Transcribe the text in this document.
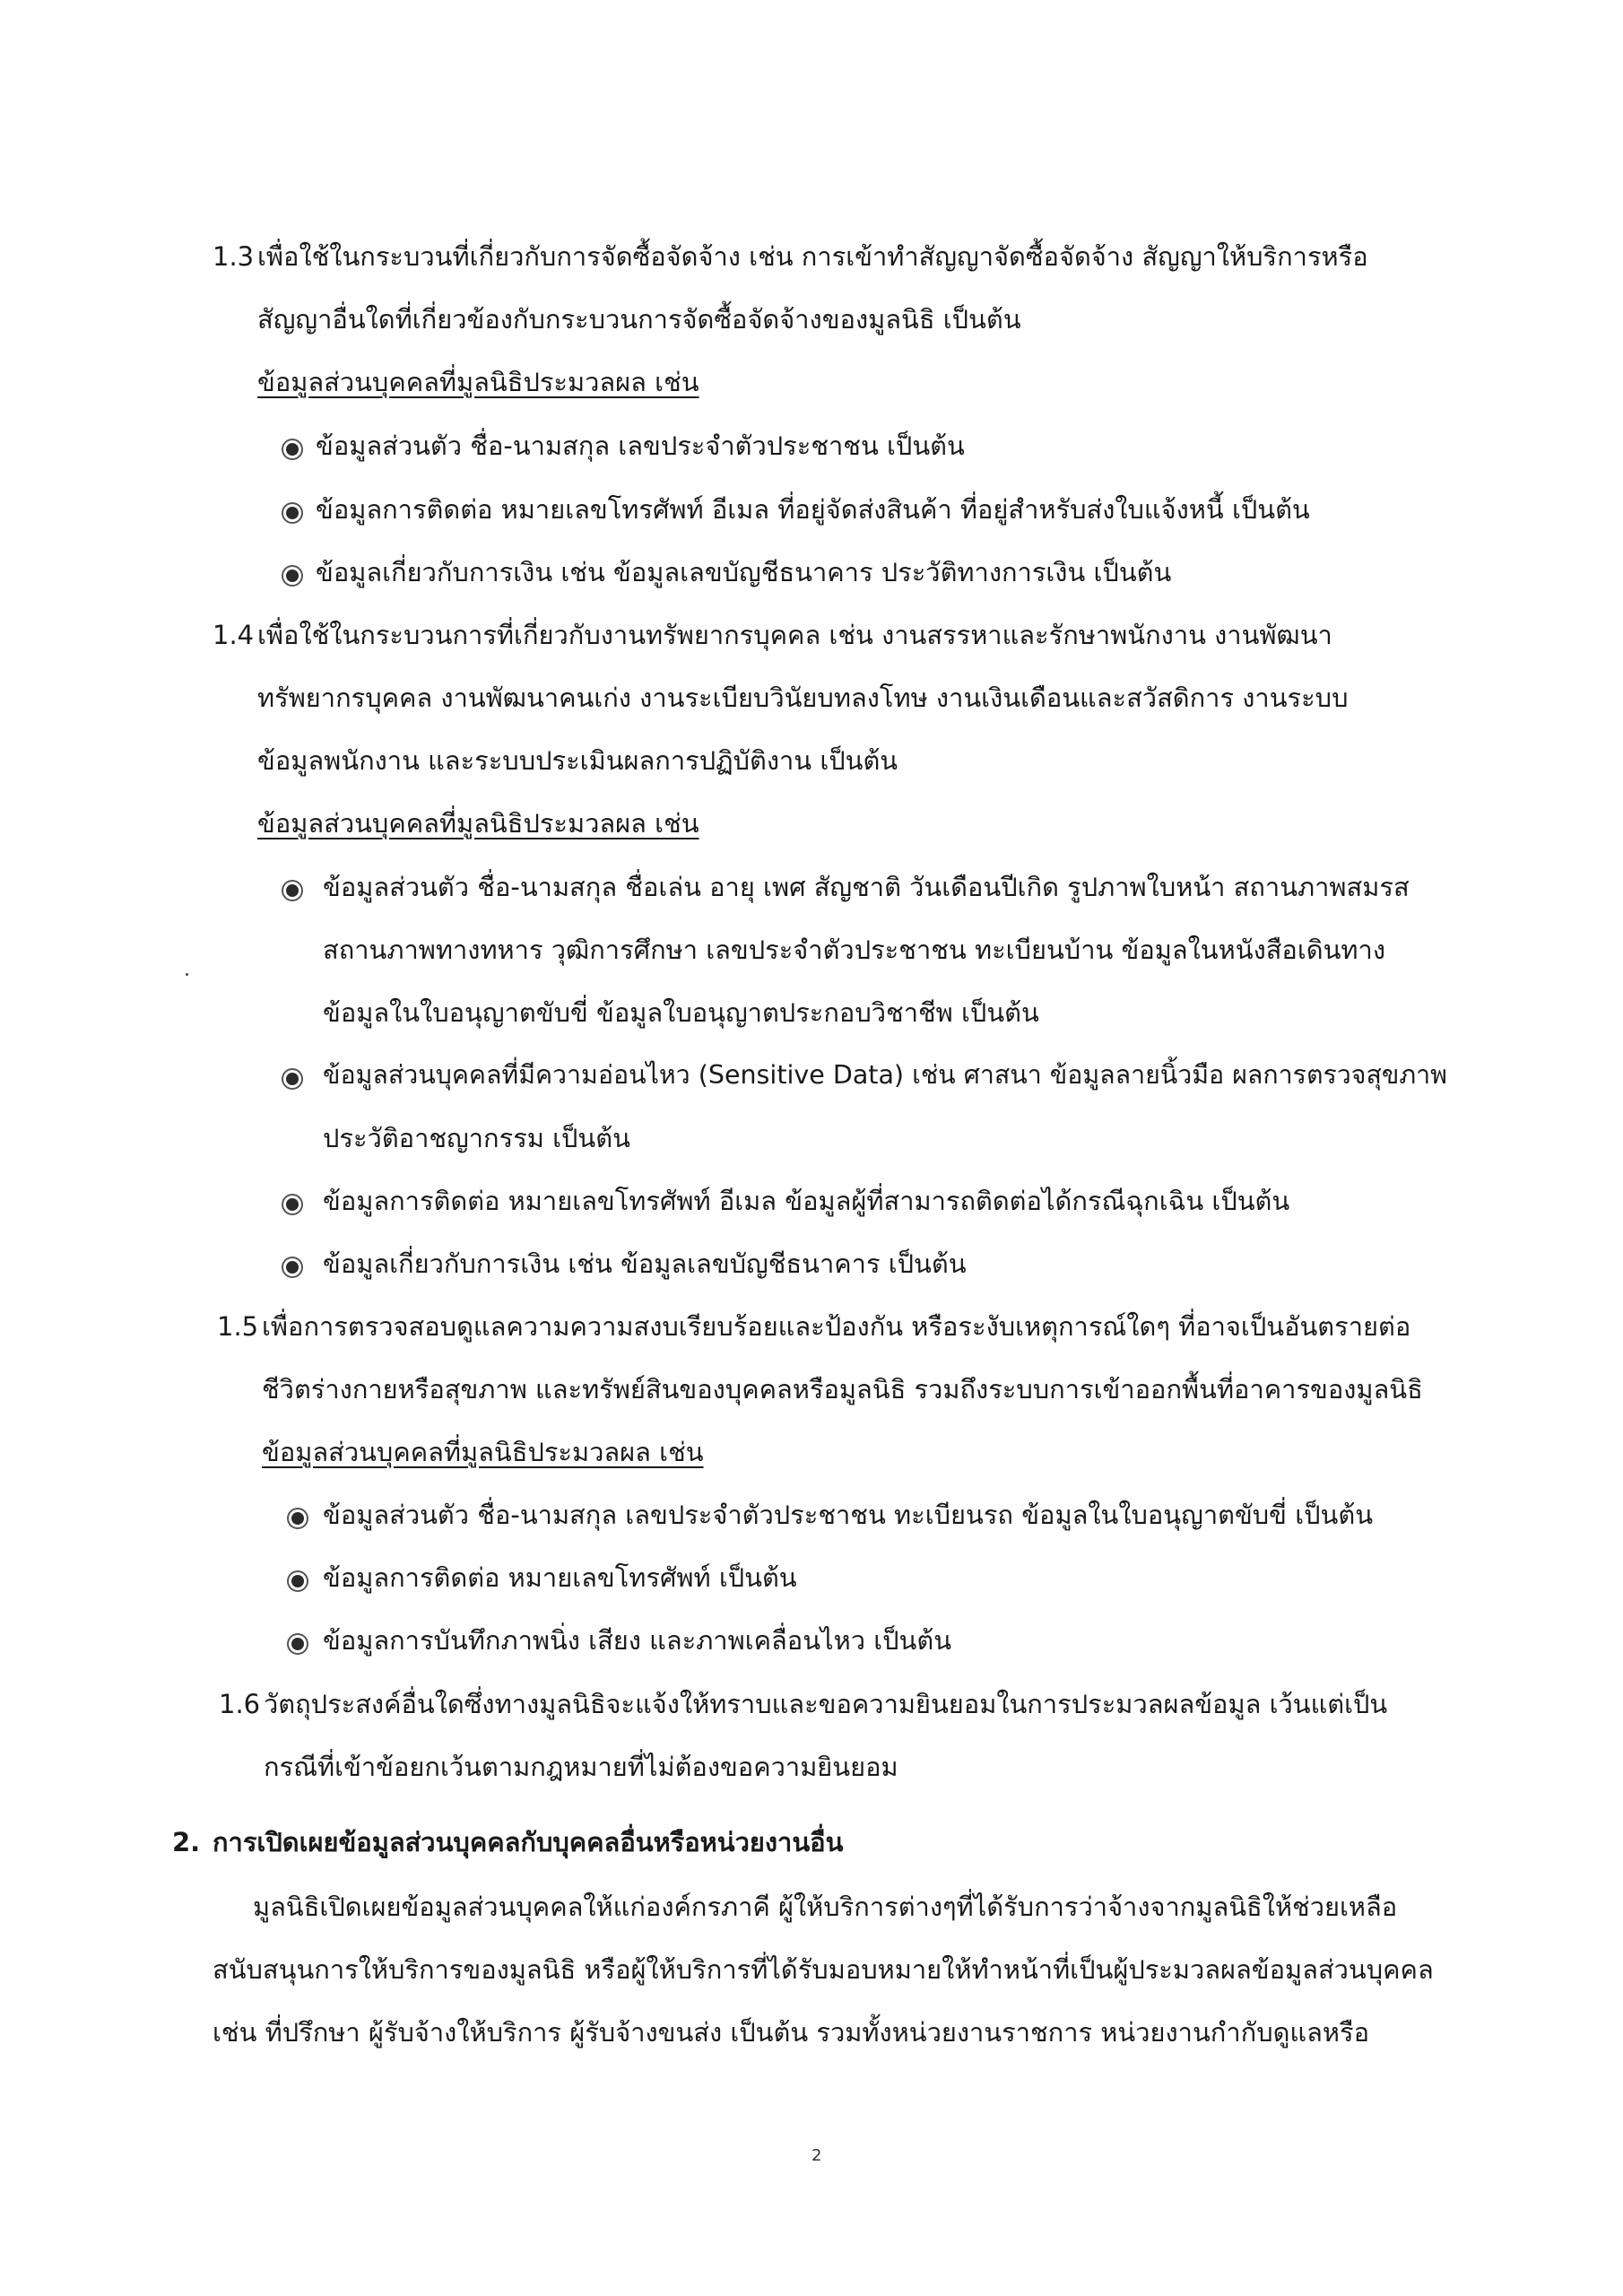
1.3 เพื่อใช้ในกระบวนที่เกี่ยวกับการจัดซื้อจัดจ้าง เช่น การเข้าทำสัญญาจัดซื้อจัดจ้าง สัญญาให้บริการหรือ
สัญญาอื่นใดที่เกี่ยวข้องกับกระบวนการจัดซื้อจัดจ้างของมูลนิธิ เป็นต้น
ข้อมูลส่วนบุคคลที่มูลนิธิประมวลผล เช่น
ข้อมูลส่วนตัว ชื่อ-นามสกุล เลขประจำตัวประชาชน เป็นต้น
ข้อมูลการติดต่อ หมายเลขโทรศัพท์ อีเมล ที่อยู่จัดส่งสินค้า ที่อยู่สำหรับส่งใบแจ้งหนี้ เป็นต้น
ข้อมูลเกี่ยวกับการเงิน เช่น ข้อมูลเลขบัญชีธนาคาร ประวัติทางการเงิน เป็นต้น
1.4 เพื่อใช้ในกระบวนการที่เกี่ยวกับงานทรัพยากรบุคคล เช่น งานสรรหาและรักษาพนักงาน งานพัฒนา
ทรัพยากรบุคคล งานพัฒนาคนเก่ง งานระเบียบวินัยบทลงโทษ งานเงินเดือนและสวัสดิการ งานระบบ
ข้อมูลพนักงาน และระบบประเมินผลการปฏิบัติงาน เป็นต้น
ข้อมูลส่วนบุคคลที่มูลนิธิประมวลผล เช่น
ข้อมูลส่วนตัว ชื่อ-นามสกุล ชื่อเล่น อายุ เพศ สัญชาติ วันเดือนปีเกิด รูปภาพใบหน้า สถานภาพสมรส
สถานภาพทางทหาร วุฒิการศึกษา เลขประจำตัวประชาชน ทะเบียนบ้าน ข้อมูลในหนังสือเดินทาง
ข้อมูลในใบอนุญาตขับขี่ ข้อมูลใบอนุญาตประกอบวิชาชีพ เป็นต้น
ข้อมูลส่วนบุคคลที่มีความอ่อนไหว (Sensitive Data) เช่น ศาสนา ข้อมูลลายนิ้วมือ ผลการตรวจสุขภาพ
ประวัติอาชญากรรม เป็นต้น
ข้อมูลการติดต่อ หมายเลขโทรศัพท์ อีเมล ข้อมูลผู้ที่สามารถติดต่อได้กรณีฉุกเฉิน เป็นต้น
ข้อมูลเกี่ยวกับการเงิน เช่น ข้อมูลเลขบัญชีธนาคาร เป็นต้น
1.5 เพื่อการตรวจสอบดูแลความความสงบเรียบร้อยและป้องกัน หรือระงับเหตุการณ์ใดๆ ที่อาจเป็นอันตรายต่อ
ชีวิตร่างกายหรือสุขภาพ และทรัพย์สินของบุคคลหรือมูลนิธิ รวมถึงระบบการเข้าออกพื้นที่อาคารของมูลนิธิ
ข้อมูลส่วนบุคคลที่มูลนิธิประมวลผล เช่น
ข้อมูลส่วนตัว ชื่อ-นามสกุล เลขประจำตัวประชาชน ทะเบียนรถ ข้อมูลในใบอนุญาตขับขี่ เป็นต้น
ข้อมูลการติดต่อ หมายเลขโทรศัพท์ เป็นต้น
ข้อมูลการบันทึกภาพนิ่ง เสียง และภาพเคลื่อนไหว เป็นต้น
1.6 วัตถุประสงค์อื่นใดซึ่งทางมูลนิธิจะแจ้งให้ทราบและขอความยินยอมในการประมวลผลข้อมูล เว้นแต่เป็น
กรณีที่เข้าข้อยกเว้นตามกฎหมายที่ไม่ต้องขอความยินยอม
2. การเปิดเผยข้อมูลส่วนบุคคลกับบุคคลอื่นหรือหน่วยงานอื่น
มูลนิธิเปิดเผยข้อมูลส่วนบุคคลให้แก่องค์กรภาคี ผู้ให้บริการต่างๆที่ได้รับการว่าจ้างจากมูลนิธิให้ช่วยเหลือ
สนับสนุนการให้บริการของมูลนิธิ หรือผู้ให้บริการที่ได้รับมอบหมายให้ทำหน้าที่เป็นผู้ประมวลผลข้อมูลส่วนบุคคล
เช่น ที่ปรึกษา ผู้รับจ้างให้บริการ ผู้รับจ้างขนส่ง เป็นต้น รวมทั้งหน่วยงานราชการ หน่วยงานกำกับดูแลหรือ
2
